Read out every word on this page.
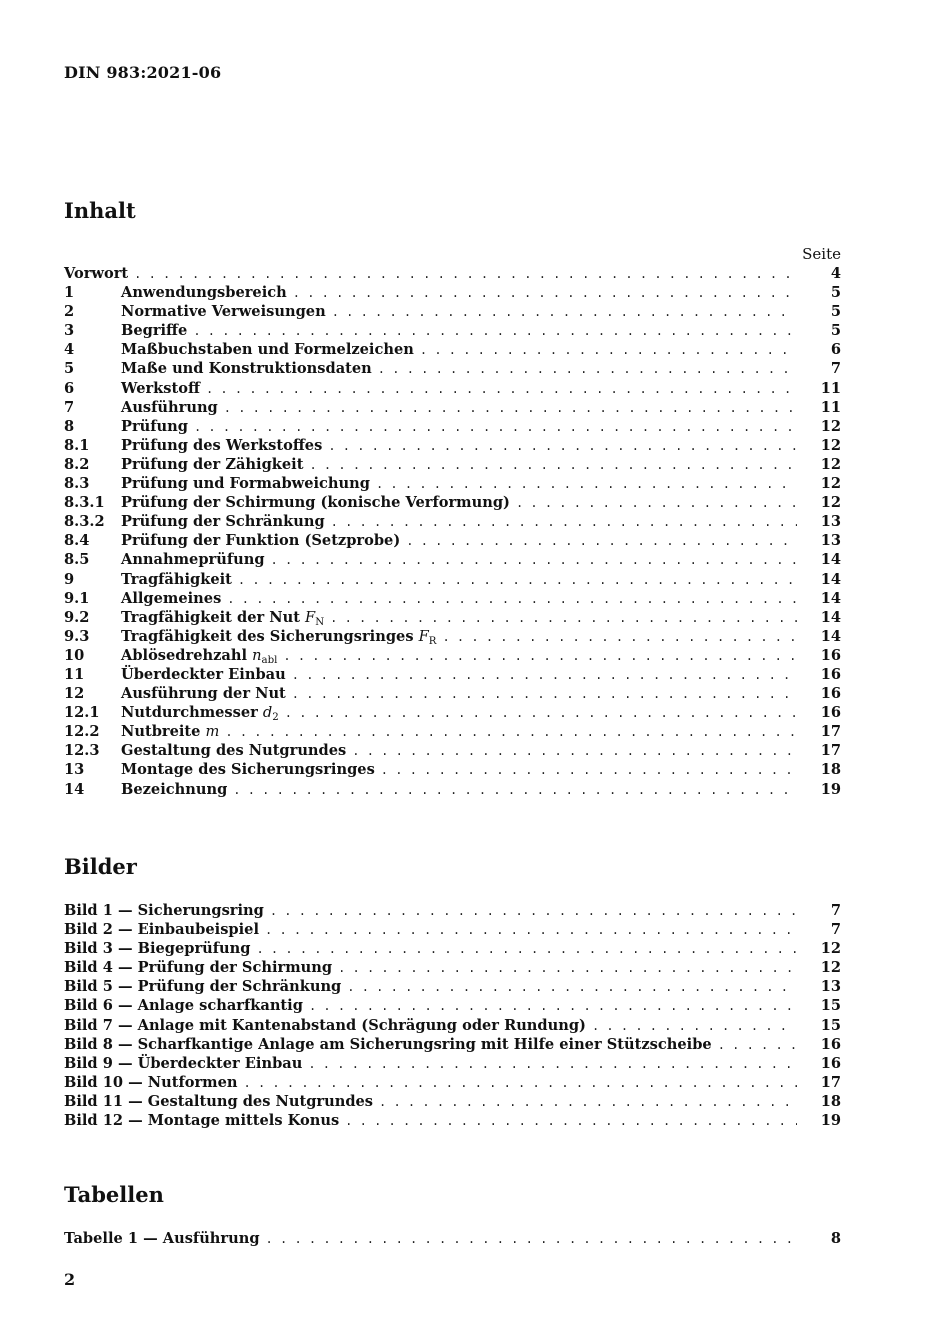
DIN 983:2021-06
Inhalt
Seite
Vorwort . . .	4
1	Anwendungsbereich . . .	5
2	Normative Verweisungen . . .	5
3	Begriffe . . .	5
4	Maßbuchstaben und Formelzeichen . . .	6
5	Maße und Konstruktionsdaten . . .	7
6	Werkstoff . . .	11
7	Ausführung . . .	11
8	Prüfung . . .	12
8.1	Prüfung des Werkstoffes . . .	12
8.2	Prüfung der Zähigkeit . . .	12
8.3	Prüfung und Formabweichung . . .	12
8.3.1	Prüfung der Schirmung (konische Verformung) . . .	12
8.3.2	Prüfung der Schränkung . . .	13
8.4	Prüfung der Funktion (Setzprobe) . . .	13
8.5	Annahmeprüfung . . .	14
9	Tragfähigkeit . . .	14
9.1	Allgemeines . . .	14
9.2	Tragfähigkeit der Nut $F_N$ . . .	14
9.3	Tragfähigkeit des Sicherungsringes $F_R$ . . .	14
10	Ablösedrehzahl $n_{abl}$ . . .	16
11	Überdeckter Einbau . . .	16
12	Ausführung der Nut . . .	16
12.1	Nutdurchmesser $d_2$ . . .	16
12.2	Nutbreite m . . .	17
12.3	Gestaltung des Nutgrundes . . .	17
13	Montage des Sicherungsringes . . .	18
14	Bezeichnung . . .	19
Bilder
Bild 1 — Sicherungsring . . .	7
Bild 2 — Einbaubeispiel . . .	7
Bild 3 — Biegeprüfung . . .	12
Bild 4 — Prüfung der Schirmung . . .	12
Bild 5 — Prüfung der Schränkung . . .	13
Bild 6 — Anlage scharfkantig . . .	15
Bild 7 — Anlage mit Kantenabstand (Schrägung oder Rundung) . . .	15
Bild 8 — Scharfkantige Anlage am Sicherungsring mit Hilfe einer Stützscheibe . . .	16
Bild 9 — Überdeckter Einbau . . .	16
Bild 10 — Nutformen . . .	17
Bild 11 — Gestaltung des Nutgrundes . . .	18
Bild 12 — Montage mittels Konus . . .	19
Tabellen
Tabelle 1 — Ausführung . . .	8
2
